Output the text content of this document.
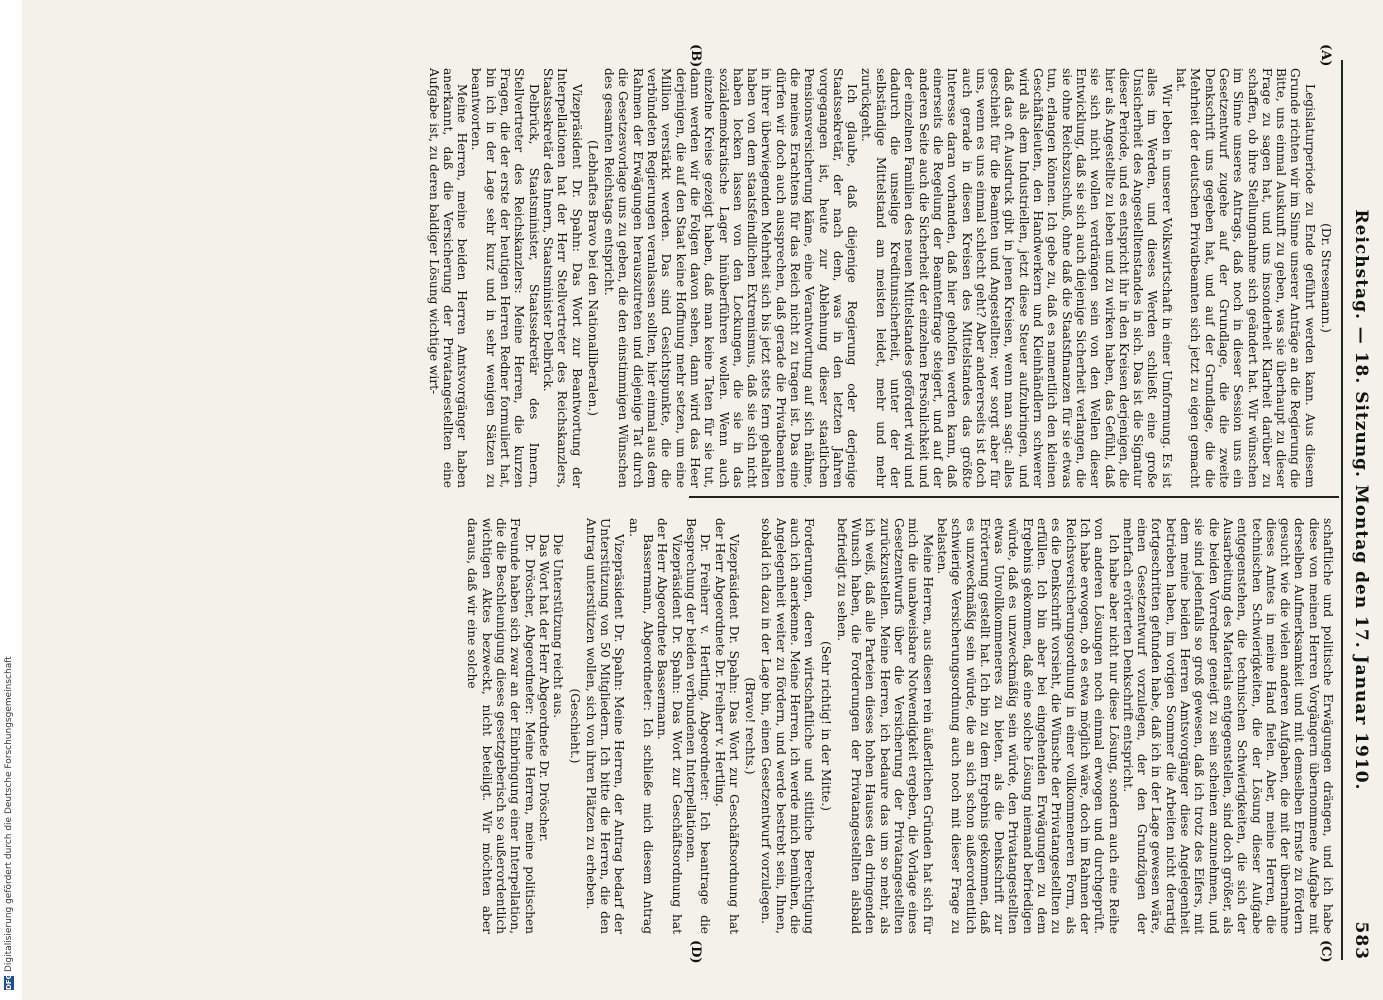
Reichstag. — 18. Sitzung. Montag den 17. Januar 1910.
583
(A)
(B)
(C)
(D)
(Dr. Stresemann.)

Legislaturperiode zu Ende geführt werden kann. Aus diesem Grunde richten wir im Sinne unserer Anträge an die Regierung die Bitte, uns einmal Auskunft zu geben, was sie überhaupt zu dieser Frage zu sagen hat, und uns insonderheit Klarheit darüber zu schaffen, ob ihre Stellungnahme sich geändert hat. Wir wünschen im Sinne unseres Antrags, daß noch in dieser Session uns ein Gesetzentwurf zugehe auf der Grundlage, die die zweite Denkschrift uns gegeben hat, und auf der Grundlage, die die Mehrheit der deutschen Privatbeamten sich jetzt zu eigen gemacht hat.

Wir leben in unserer Volkswirtschaft in einer Umformung. Es ist alles im Werden, und dieses Werden schließt eine große Unsicherheit des Angestelltenstandes in sich. Das ist die Signatur dieser Periode, und es entspricht ihr in den Kreisen derjenigen, die hier als Angestellte zu leben und zu wirken haben, das Gefühl, daß sie sich nicht wollen verdrängen sein von den Wellen dieser Entwicklung, daß sie sich auch diejenige Sicherheit verlangen, die sie ohne Reichszuschuß, ohne daß die Staatsfinanzen für sie etwas tun, erlangen können. Ich gebe zu, daß es namentlich den kleinen Geschäftsleuten, den Handwerkern und Kleinhändlern schwerer wird als dem Industriellen, jetzt diese Steuer aufzubringen, und daß das oft Ausdruck gibt in jenen Kreisen, wenn man sagt: alles geschieht für die Beamten und Angestellten; wer sorgt aber für uns, wenn es uns einmal schlecht geht? Aber andererseits ist doch auch gerade in diesen Kreisen des Mittelstandes das größte Interesse daran vorhanden, daß hier geholfen werden kann, daß einerseits die Regelung der Beamtenfrage steigert, und auf der anderen Seite auch die Sicherheit der einzelnen Persönlichkeit und der einzelnen Familien des neuen Mittelstandes gefördert wird und dadurch die unselige Kreditunsicherheit, unter der der selbständige Mittelstand am meisten leidet, mehr und mehr zurückgeht.

Ich glaube, daß diejenige Regierung oder derjenige Staatssekretär, der nach dem, was in den letzten Jahren vorgegangen ist, heute zur Ablehnung dieser staatlichen Pensionsversicherung käme, eine Verantwortung auf sich nähme, die meines Erachtens für das Reich nicht zu tragen ist. Das eine dürfen wir doch auch aussprechen, daß gerade die Privatbeamten in ihrer überwiegenden Mehrheit sich bis jetzt stets fern gehalten haben von dem staatsfeindlichen Extremismus, daß sie sich nicht haben locken lassen von den Lockungen, die sie in das sozialdemokratische Lager hinüberführen wollen. Wenn auch einzelne Kreise gezeigt haben, daß man keine Taten für sie tut, dann werden wir die Folgen davon sehen, dann wird das Heer derjenigen, die auf den Staat keine Hoffnung mehr setzen, um eine Million verstärkt werden. Das sind Gesichtspunkte, die die verbündeten Regierungen veranlassen sollten, hier einmal aus dem Rahmen der Erwägungen herauszutreten und diejenige Tat durch die Gesetzesvorlage uns zu geben, die den einstimmigen Wünschen des gesamten Reichstags entspricht.

(Lebhaftes Bravo bei den Nationalliberalen.)

Vizepräsident Dr. Spahn: Das Wort zur Beantwortung der Interpellationen hat der Herr Stellvertreter des Reichskanzlers, Staatssekretär des Innern, Staatsminister Delbrück.

Delbrück, Staatsminister, Staatssekretär des Innern, Stellvertreter des Reichskanzlers: Meine Herren, die kurzen Fragen, die der erste der heutigen Herren Redner formuliert hat, bin ich in der Lage sehr kurz und in sehr wenigen Sätzen zu beantworten.

Meine Herren, meine beiden Herren Amtsvorgänger haben anerkannt, daß die Versicherung der Privatangestellten eine Aufgabe ist, zu deren baldiger Lösung wichtige wirt-

schaftliche und politische Erwägungen drängen, und ich habe diese von meinen Herren Vorgängern übernommene Aufgabe mit derselben Aufmerksamkeit und mit demselben Ernste zu fördern gesucht wie die vielen anderen Aufgaben, die mit der übernahme dieses Amtes in meine Hand fielen. Aber, meine Herren, die technischen Schwierigkeiten, die der Lösung dieser Aufgabe entgegenstehen, die technischen Schwierigkeiten, die sich der Ausarbeitung des Materials entgegenstellen, sind doch größer, als die beiden Vorredner geneigt zu sein scheinen anzunehmen, und sie sind jedenfalls so groß gewesen, daß ich trotz des Eifers, mit dem meine beiden Herren Amtsvorgänger diese Angelegenheit betrieben haben, im vorigen Sommer die Arbeiten nicht derartig fortgeschritten gefunden habe, daß ich in der Lage gewesen wäre, einen Gesetzentwurf vorzulegen, der den Grundzügen der mehrfach erörterten Denkschrift entspricht.

Ich habe aber nicht nur diese Lösung, sondern auch eine Reihe von anderen Lösungen noch einmal erwogen und durchgeprüft. Ich habe erwogen, ob es etwa möglich wäre, doch im Rahmen der Reichsversicherungsordnung in einer vollkommeneren Form, als es die Denkschrift vorsieht, die Wünsche der Privatangestellten zu erfüllen. Ich bin aber bei eingehenden Erwägungen zu dem Ergebnis gekommen, daß eine solche Lösung niemand befriedigen würde, daß es unzweckmäßig sein würde, den Privatangestellten etwas Unvollkommeneres zu bieten, als die Denkschrift zur Erörterung gestellt hat. Ich bin zu dem Ergebnis gekommen, daß es unzweckmäßig sein würde, die an sich schon außerordentlich schwierige Versicherungsordnung auch noch mit dieser Frage zu belasten.

Meine Herren, aus diesen rein äußerlichen Gründen hat sich für mich die unabweisbare Notwendigkeit ergeben, die Vorlage eines Gesetzentwurfs über die Versicherung der Privatangestellten zurückzustellen. Meine Herren, ich bedaure das um so mehr, als ich weiß, daß alle Parteien dieses hohen Hauses den dringenden Wunsch haben, die Forderungen der Privatangestellten alsbald befriedigt zu sehen.

(Sehr richtig! in der Mitte.)

Forderungen, deren wirtschaftliche und sittliche Berechtigung auch ich anerkenne. Meine Herren, ich werde mich bemühen, die Angelegenheit weiter zu fördern, und werde bestrebt sein, Ihnen, sobald ich dazu in der Lage bin, einen Gesetzentwurf vorzulegen.

(Bravo! rechts.)

Vizepräsident Dr. Spahn: Das Wort zur Geschäftsordnung hat der Herr Abgeordnete Dr. Freiherr v. Hertling.

Dr. Freiherr v. Hertling, Abgeordneter: Ich beantrage die Besprechung der beiden verbundenen Interpellationen.

Vizepräsident Dr. Spahn: Das Wort zur Geschäftsordnung hat der Herr Abgeordnete Bassermann.

Bassermann, Abgeordneter: Ich schließe mich diesem Antrag an.

Vizepräsident Dr. Spahn: Meine Herren, der Antrag bedarf der Unterstützung von 50 Mitgliedern. Ich bitte die Herren, die den Antrag unterstützen wollen, sich von ihren Plätzen zu erheben.

(Geschieht.)

Die Unterstützung reicht aus.

Das Wort hat der Herr Abgeordnete Dr. Dröscher.

Dr. Dröscher, Abgeordneter: Meine Herren, meine politischen Freunde haben sich zwar an der Einbringung einer Interpellation, die die Beschleunigung dieses gesetzgeberisch so außerordentlich wichtigen Aktes bezweckt, nicht beteiligt. Wir möchten aber daraus, daß wir eine solche

DFG
Digitalisierung gefördert durch die Deutsche Forschungsgemeinschaft
